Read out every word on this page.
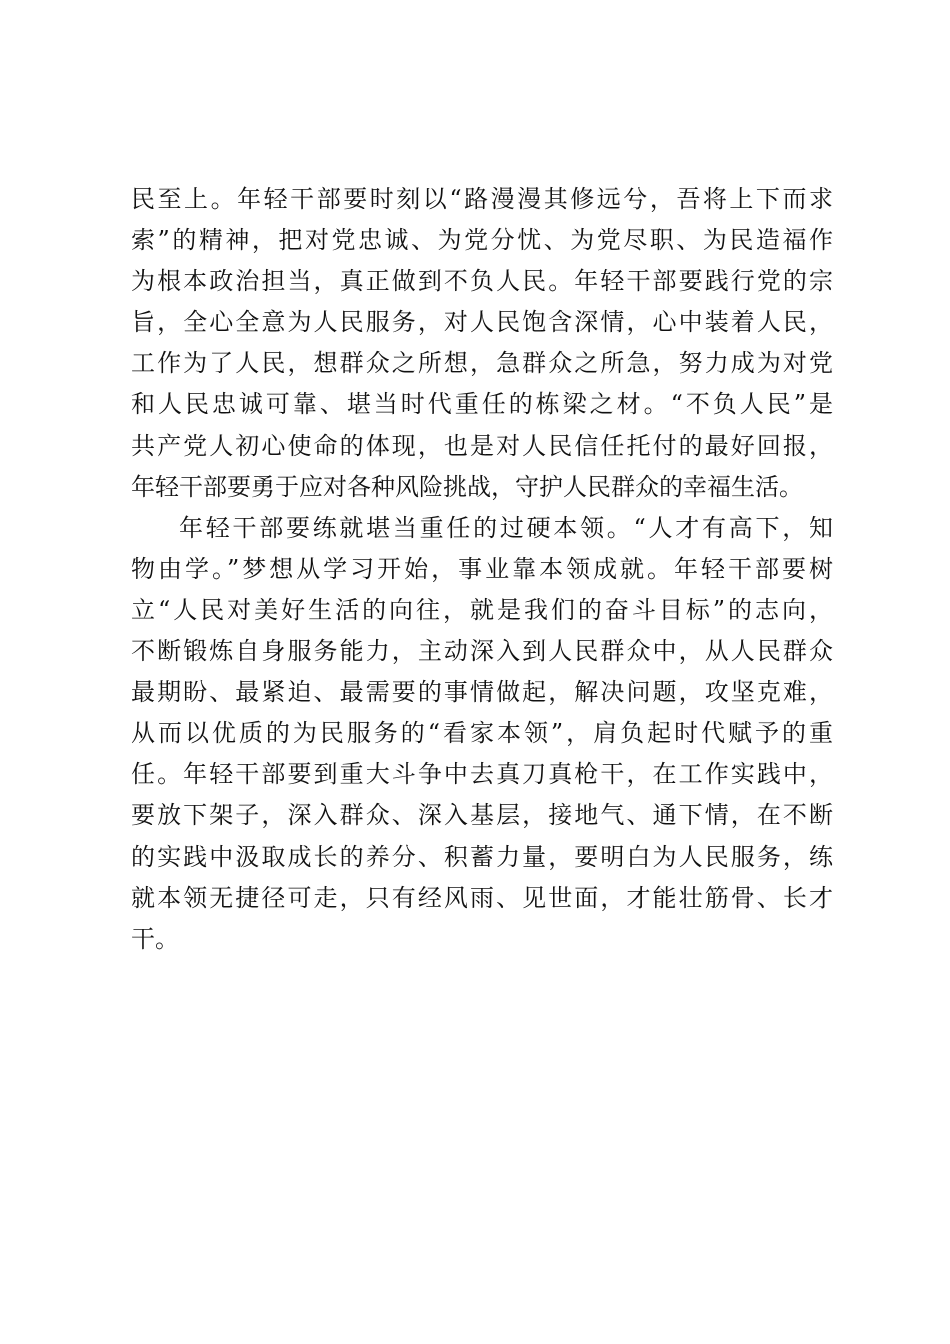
民至上。年轻干部要时刻以“路漫漫其修远兮，吾将上下而求
索”的精神，把对党忠诚、为党分忧、为党尽职、为民造福作
为根本政治担当，真正做到不负人民。年轻干部要践行党的宗
旨，全心全意为人民服务，对人民饱含深情，心中装着人民，
工作为了人民，想群众之所想，急群众之所急，努力成为对党
和人民忠诚可靠、堪当时代重任的栋梁之材。“不负人民”是
共产党人初心使命的体现，也是对人民信任托付的最好回报，
年轻干部要勇于应对各种风险挑战，守护人民群众的幸福生活。
年轻干部要练就堪当重任的过硬本领。“人才有高下，知
物由学。”梦想从学习开始，事业靠本领成就。年轻干部要树
立“人民对美好生活的向往，就是我们的奋斗目标”的志向，
不断锻炼自身服务能力，主动深入到人民群众中，从人民群众
最期盼、最紧迫、最需要的事情做起，解决问题，攻坚克难，
从而以优质的为民服务的“看家本领”，肩负起时代赋予的重
任。年轻干部要到重大斗争中去真刀真枪干，在工作实践中，
要放下架子，深入群众、深入基层，接地气、通下情，在不断
的实践中汲取成长的养分、积蓄力量，要明白为人民服务，练
就本领无捷径可走，只有经风雨、见世面，才能壮筋骨、长才
干。
